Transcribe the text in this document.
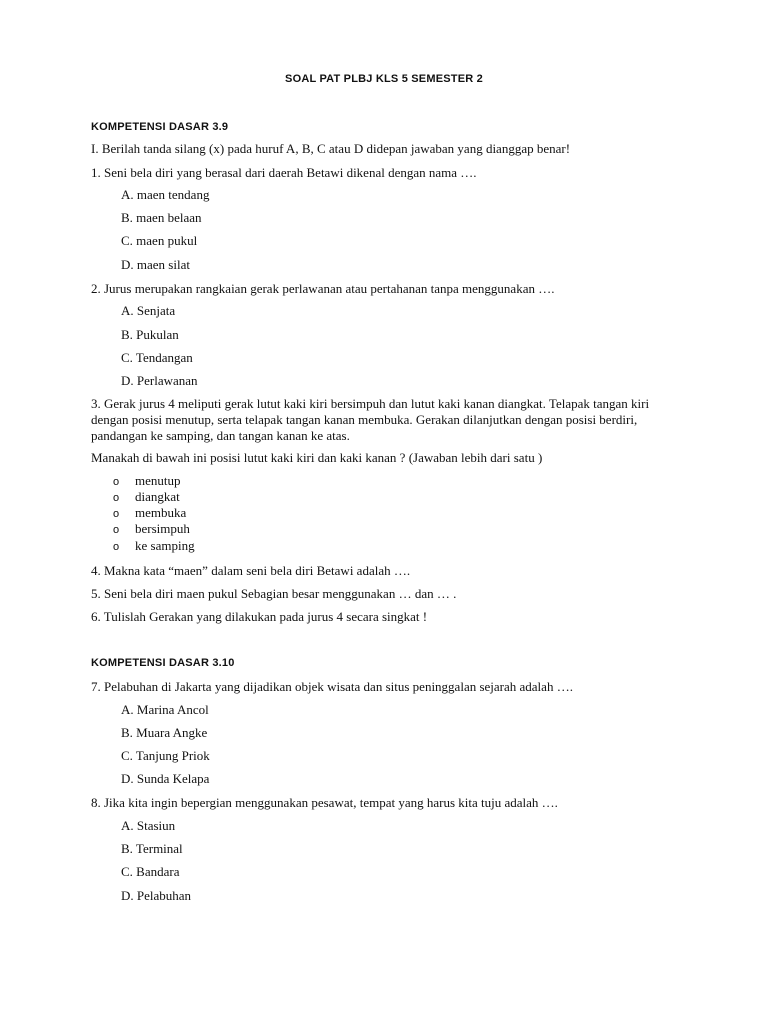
SOAL PAT PLBJ KLS 5 SEMESTER 2
KOMPETENSI DASAR 3.9
I. Berilah tanda silang (x) pada huruf A, B, C atau D didepan jawaban yang dianggap benar!
1. Seni bela diri yang berasal dari daerah Betawi dikenal dengan nama ….
A. maen tendang
B. maen belaan
C. maen pukul
D. maen silat
2. Jurus merupakan rangkaian gerak perlawanan atau pertahanan tanpa menggunakan ….
A. Senjata
B. Pukulan
C. Tendangan
D. Perlawanan
3. Gerak jurus 4 meliputi gerak lutut kaki kiri bersimpuh dan lutut kaki kanan diangkat. Telapak tangan kiri dengan posisi menutup, serta telapak tangan kanan membuka. Gerakan dilanjutkan dengan posisi berdiri, pandangan ke samping, dan tangan kanan ke atas.
Manakah di bawah ini posisi lutut kaki kiri dan kaki kanan ? (Jawaban lebih dari satu )
o menutup
o diangkat
o membuka
o bersimpuh
o ke samping
4. Makna kata “maen” dalam seni bela diri Betawi adalah ….
5. Seni bela diri maen pukul Sebagian besar menggunakan … dan … .
6. Tulislah Gerakan yang dilakukan pada jurus 4 secara singkat !
KOMPETENSI DASAR 3.10
7. Pelabuhan di Jakarta yang dijadikan objek wisata dan situs peninggalan sejarah adalah ….
A. Marina Ancol
B. Muara Angke
C. Tanjung Priok
D. Sunda Kelapa
8. Jika kita ingin bepergian menggunakan pesawat, tempat yang harus kita tuju adalah ….
A. Stasiun
B. Terminal
C. Bandara
D. Pelabuhan
